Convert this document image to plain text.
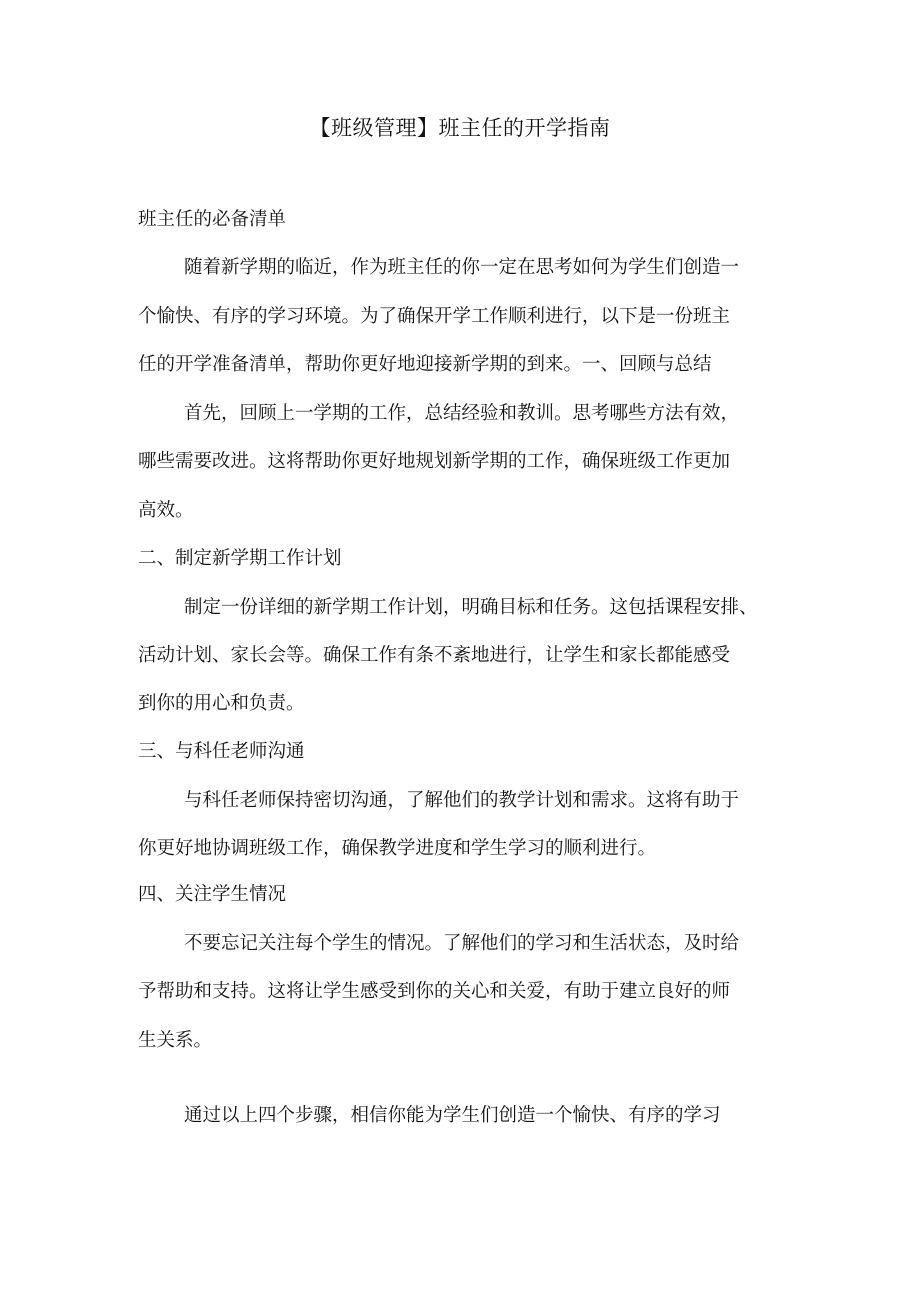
【班级管理】班主任的开学指南
班主任的必备清单
随着新学期的临近，作为班主任的你一定在思考如何为学生们创造一
个愉快、有序的学习环境。为了确保开学工作顺利进行，以下是一份班主
任的开学准备清单，帮助你更好地迎接新学期的到来。一、回顾与总结
首先，回顾上一学期的工作，总结经验和教训。思考哪些方法有效，
哪些需要改进。这将帮助你更好地规划新学期的工作，确保班级工作更加
高效。
二、制定新学期工作计划
制定一份详细的新学期工作计划，明确目标和任务。这包括课程安排、
活动计划、家长会等。确保工作有条不紊地进行，让学生和家长都能感受
到你的用心和负责。
三、与科任老师沟通
与科任老师保持密切沟通，了解他们的教学计划和需求。这将有助于
你更好地协调班级工作，确保教学进度和学生学习的顺利进行。
四、关注学生情况
不要忘记关注每个学生的情况。了解他们的学习和生活状态，及时给
予帮助和支持。这将让学生感受到你的关心和关爱，有助于建立良好的师
生关系。
通过以上四个步骤，相信你能为学生们创造一个愉快、有序的学习
